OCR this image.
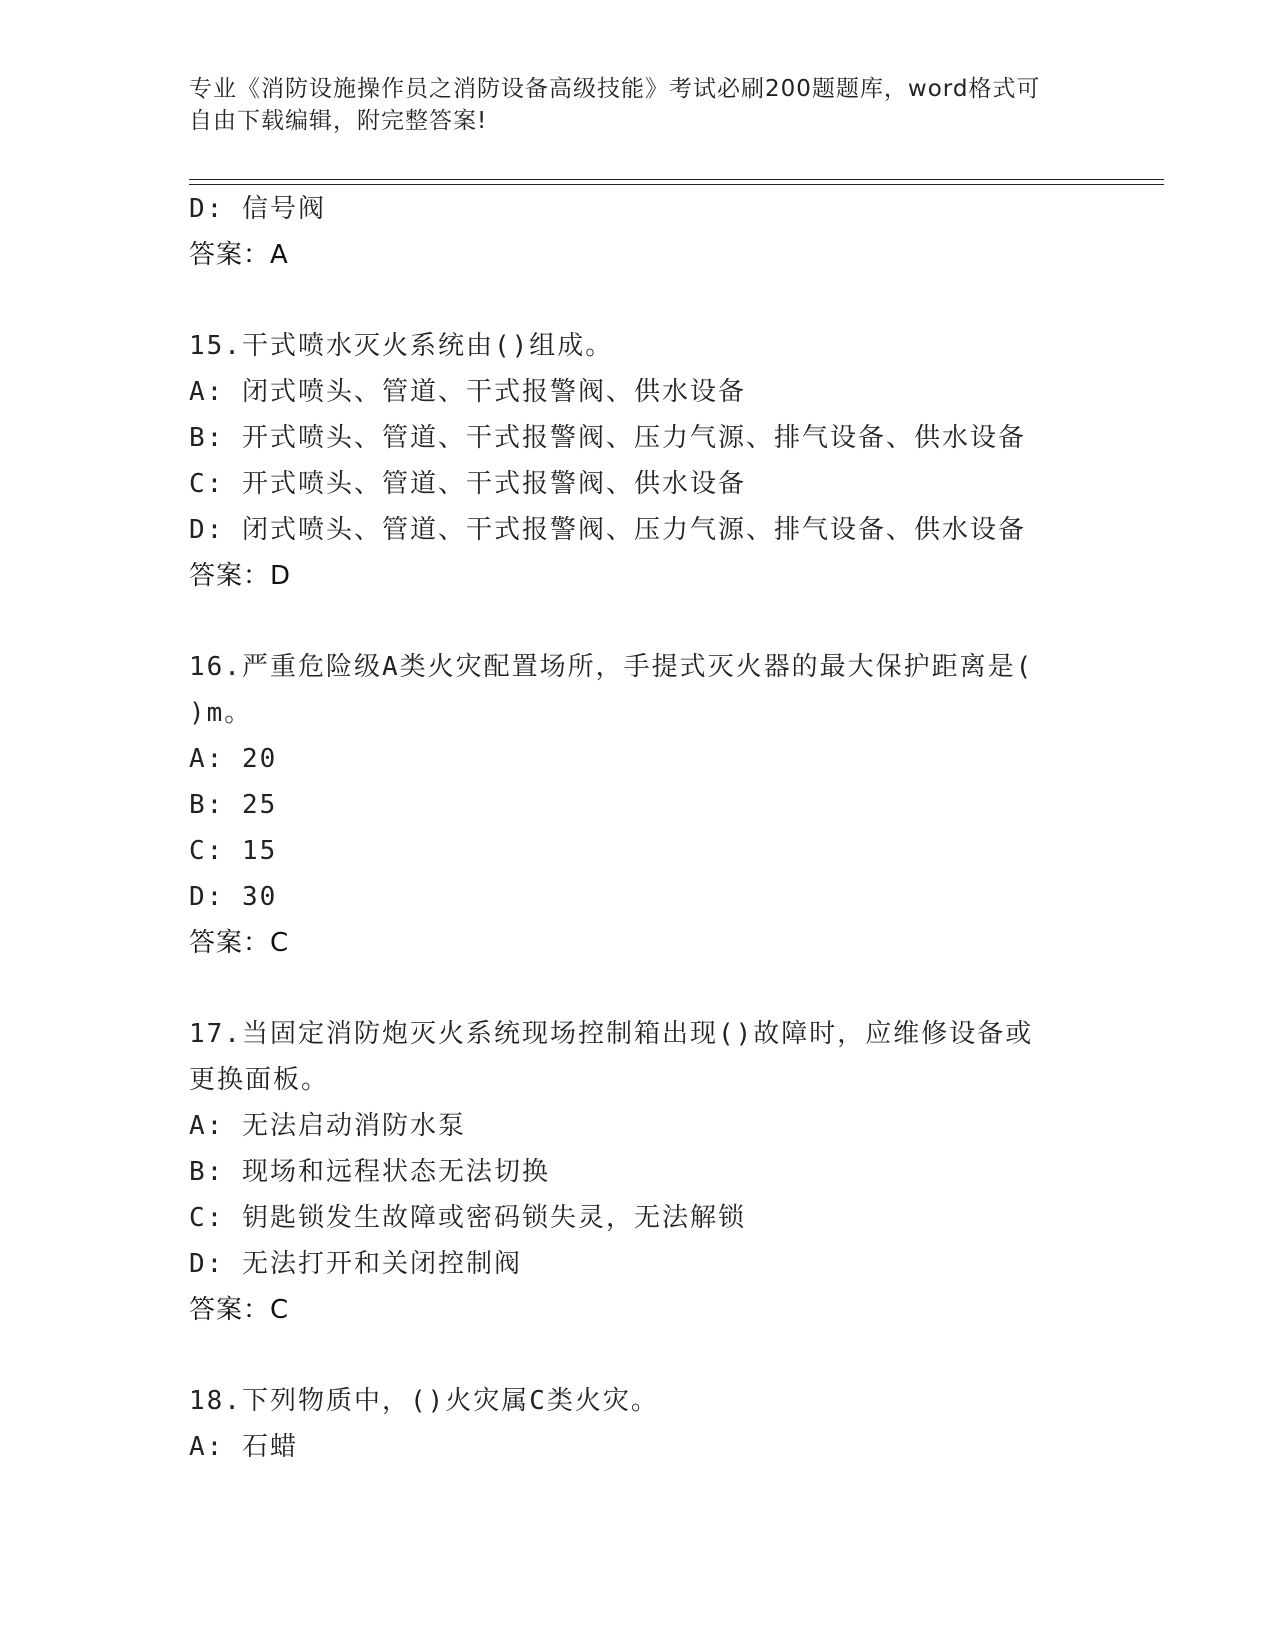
专业《消防设施操作员之消防设备高级技能》考试必刷200题题库，word格式可
自由下载编辑，附完整答案!
D: 信号阀
答案：A
15.干式喷水灭火系统由()组成。
A: 闭式喷头、管道、干式报警阀、供水设备
B: 开式喷头、管道、干式报警阀、压力气源、排气设备、供水设备
C: 开式喷头、管道、干式报警阀、供水设备
D: 闭式喷头、管道、干式报警阀、压力气源、排气设备、供水设备
答案：D
16.严重危险级A类火灾配置场所，手提式灭火器的最大保护距离是(
)m。
A: 20
B: 25
C: 15
D: 30
答案：C
17.当固定消防炮灭火系统现场控制箱出现()故障时，应维修设备或
更换面板。
A: 无法启动消防水泵
B: 现场和远程状态无法切换
C: 钥匙锁发生故障或密码锁失灵，无法解锁
D: 无法打开和关闭控制阀
答案：C
18.下列物质中，()火灾属C类火灾。
A: 石蜡
